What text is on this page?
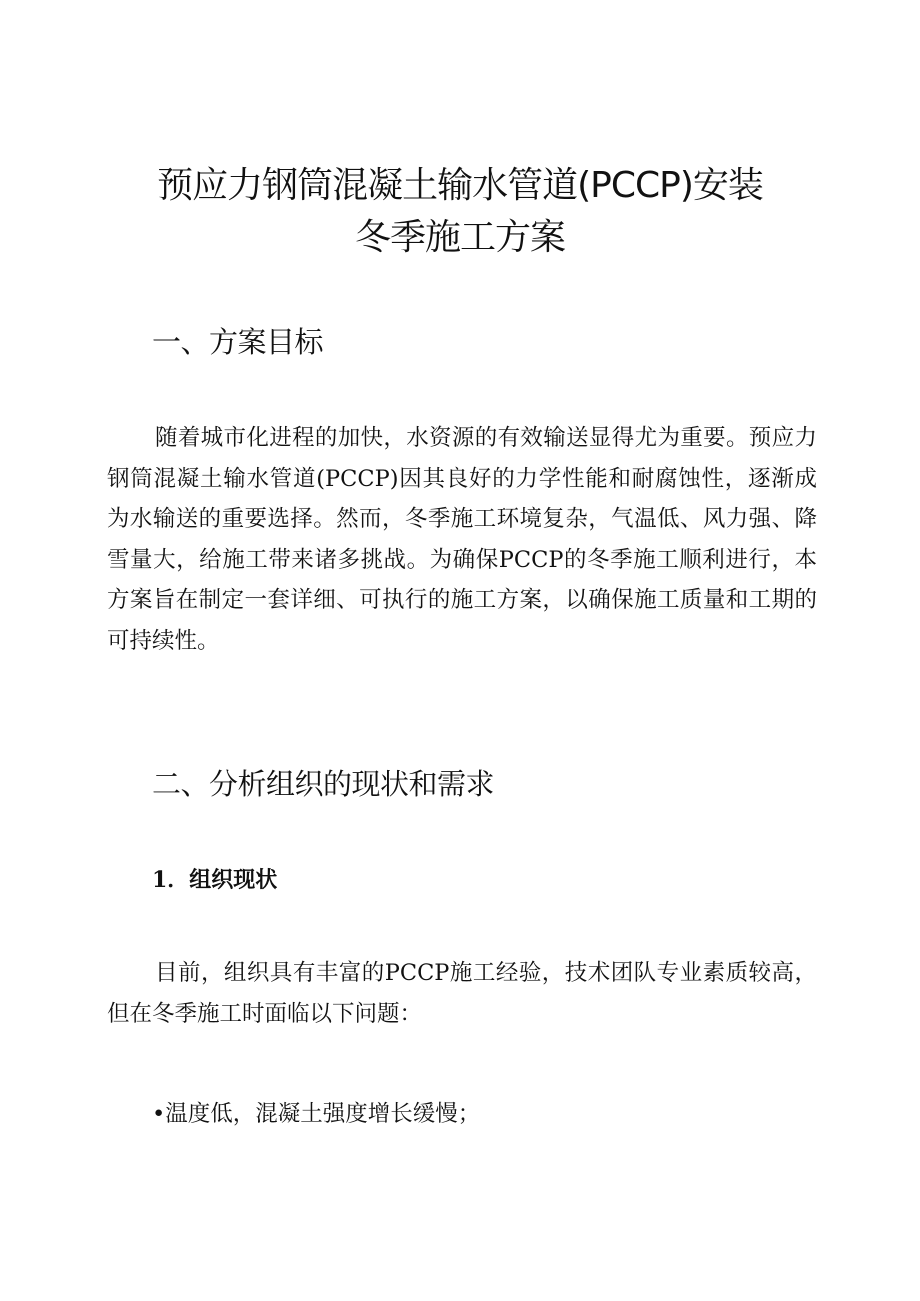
预应力钢筒混凝土输水管道(PCCP)安装
冬季施工方案
一、方案目标

随着城市化进程的加快，水资源的有效输送显得尤为重要。预应力钢筒混凝土输水管道(PCCP)因其良好的力学性能和耐腐蚀性，逐渐成为水输送的重要选择。然而，冬季施工环境复杂，气温低、风力强、降雪量大，给施工带来诸多挑战。为确保PCCP的冬季施工顺利进行，本方案旨在制定一套详细、可执行的施工方案，以确保施工质量和工期的可持续性。

二、分析组织的现状和需求
1．组织现状

目前，组织具有丰富的PCCP施工经验，技术团队专业素质较高，但在冬季施工时面临以下问题：

•温度低，混凝土强度增长缓慢；
